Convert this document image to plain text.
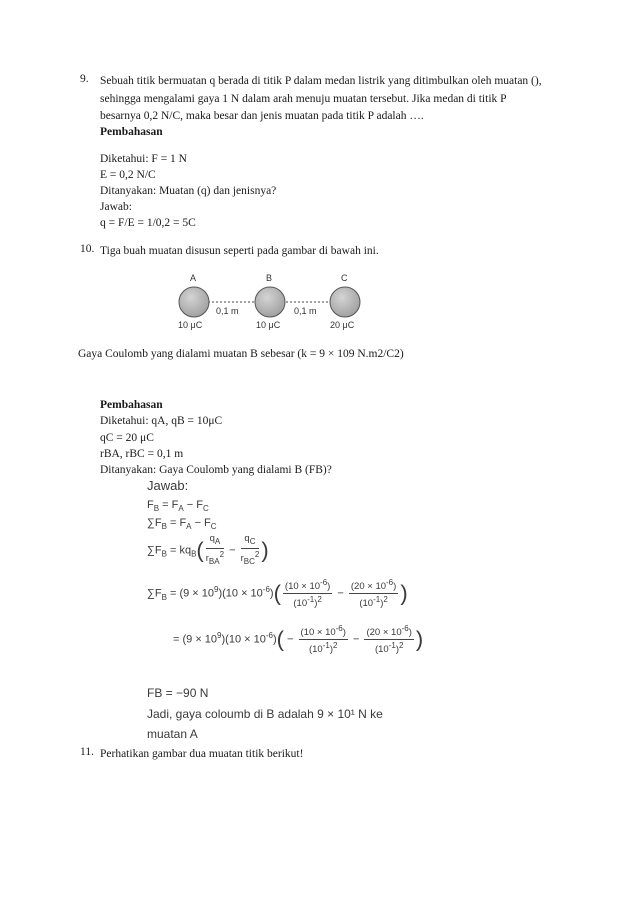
9. Sebuah titik bermuatan q berada di titik P dalam medan listrik yang ditimbulkan oleh muatan (),
sehingga mengalami gaya 1 N dalam arah menuju muatan tersebut. Jika medan di titik P
besarnya 0,2 N/C, maka besar dan jenis muatan pada titik P adalah ….
Pembahasan
Diketahui: F = 1 N
E = 0,2 N/C
Ditanyakan: Muatan (q) dan jenisnya?
Jawab:
q = F/E = 1/0,2 = 5C
10. Tiga buah muatan disusun seperti pada gambar di bawah ini.
A	B	C
0,1 m	0,1 m
10 μC	10 μC	20 μC
Gaya Coulomb yang dialami muatan B sebesar (k = 9 × 109 N.m2/C2)
Pembahasan
Diketahui: qA, qB = 10μC
qC = 20 μC
rBA, rBC = 0,1 m
Ditanyakan: Gaya Coulomb yang dialami B (FB)?
Jawab:
$F_B = F_A - F_C$
$\sum F_B = F_A - F_C$
$\sum F_B = kq_B$( $q_A$
$r_{BA}^2$ −
$q_C$
$r_{BC}^2$ )
$\sum F_B = (9 \times 10^9)(10 \times 10^{-6})( \frac{(10 \times 10^{-6})}{(10^{-1})^2} - \frac{(20 \times 10^{-6})}{(10^{-1})^2}$ )
= $(9 \times 10^9)(10 \times 10^{-6})( - \frac{(10 \times 10^{-6})}{(10^{-1})^2} - \frac{(20 \times 10^{-6})}{(10^{-1})^2}$ )
FB = −90 N
Jadi, gaya coloumb di B adalah 9 × 10¹ N ke
muatan A
11. Perhatikan gambar dua muatan titik berikut!
